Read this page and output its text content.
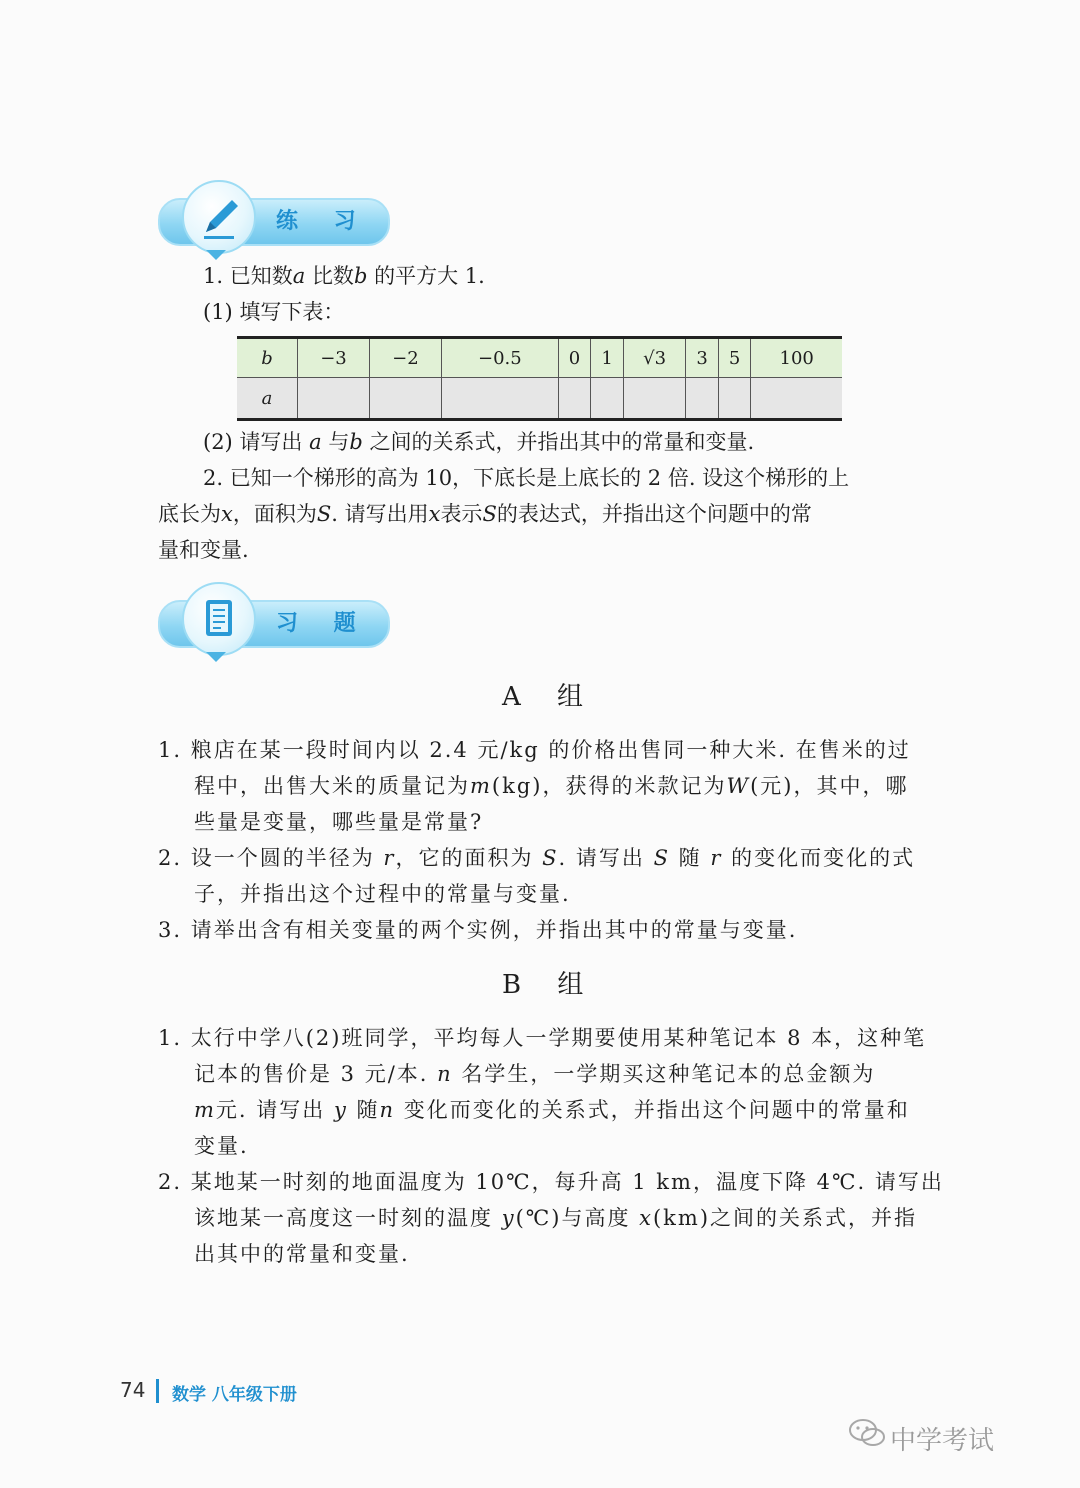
练 习
1. 已知数a 比数b 的平方大 1.
(1) 填写下表：
b	−3	−2	−0.5	0	1	√3	3	5	100
a									
(2) 请写出 a 与b 之间的关系式，并指出其中的常量和变量.
2. 已知一个梯形的高为 10，下底长是上底长的 2 倍. 设这个梯形的上
底长为x，面积为S. 请写出用x表示S的表达式，并指出这个问题中的常
量和变量.
习 题
A 组
1. 粮店在某一段时间内以 2.4 元/kg 的价格出售同一种大米. 在售米的过
程中，出售大米的质量记为m(kg)，获得的米款记为W(元)，其中，哪
些量是变量，哪些量是常量?
2. 设一个圆的半径为 r，它的面积为 S. 请写出 S 随 r 的变化而变化的式
子，并指出这个过程中的常量与变量.
3. 请举出含有相关变量的两个实例，并指出其中的常量与变量.
B 组
1. 太行中学八(2)班同学，平均每人一学期要使用某种笔记本 8 本，这种笔
记本的售价是 3 元/本. n 名学生，一学期买这种笔记本的总金额为
m元. 请写出 y 随n 变化而变化的关系式，并指出这个问题中的常量和
变量.
2. 某地某一时刻的地面温度为 10℃，每升高 1 km，温度下降 4℃. 请写出
该地某一高度这一时刻的温度 y(℃)与高度 x(km)之间的关系式，并指
出其中的常量和变量.
74 数学 八年级下册
中学考试
